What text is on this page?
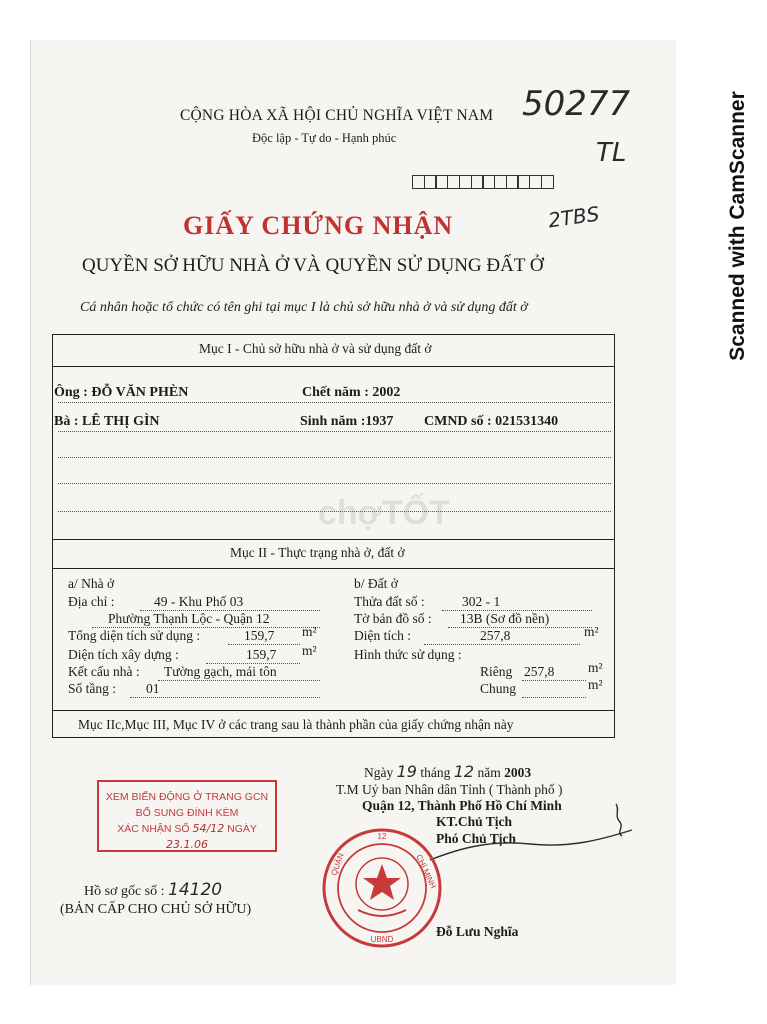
Scanned with CamScanner
50277
TL
2TBS
CỘNG HÒA XÃ HỘI CHỦ NGHĨA VIỆT NAM
Độc lập - Tự do - Hạnh phúc
GIẤY CHỨNG NHẬN
QUYỀN SỞ HỮU NHÀ Ở VÀ QUYỀN SỬ DỤNG ĐẤT Ở
Cá nhân hoặc tổ chức có tên ghi tại mục I là chủ sở hữu nhà ở và sử dụng đất ở
Mục I - Chủ sở hữu nhà ở và sử dụng đất ở
Ông : ĐỖ VĂN PHÈN	Chết năm : 2002
Bà : LÊ THỊ GÌN	Sinh năm :1937 CMND số : 021531340
chợTỐT
Mục II - Thực trạng nhà ở, đất ở
a/ Nhà ở
Địa chỉ :	49 - Khu Phố 03
Phường Thạnh Lộc - Quận 12
Tổng diện tích sử dụng :	159,7	m²
Diện tích xây dựng :	159,7	m²
Kết cấu nhà :	Tường gạch, mái tôn
Số tầng :	01
b/ Đất ở
Thửa đất số :	302 - 1
Tờ bản đồ số :	13B (Sơ đồ nền)
Diện tích :	257,8	m²
Hình thức sử dụng :
Riêng 257,8	m²
Chung	m²
Mục IIc,Mục III, Mục IV ở các trang sau là thành phần của giấy chứng nhận này
Ngày 19 tháng 12 năm 2003
T.M Uỷ ban Nhân dân Tỉnh ( Thành phố )
Quận 12, Thành Phố Hồ Chí Minh
KT.Chủ Tịch
Phó Chủ Tịch
Đỗ Lưu Nghĩa
XEM BIẾN ĐỘNG Ở TRANG GCN
BỔ SUNG ĐÍNH KÈM
XÁC NHẬN SỐ 54/12 NGÀY 23.1.06
12
QUẬN	CHÍ MINH
UBND
Hồ sơ gốc số : 14120
(BẢN CẤP CHO CHỦ SỞ HỮU)
